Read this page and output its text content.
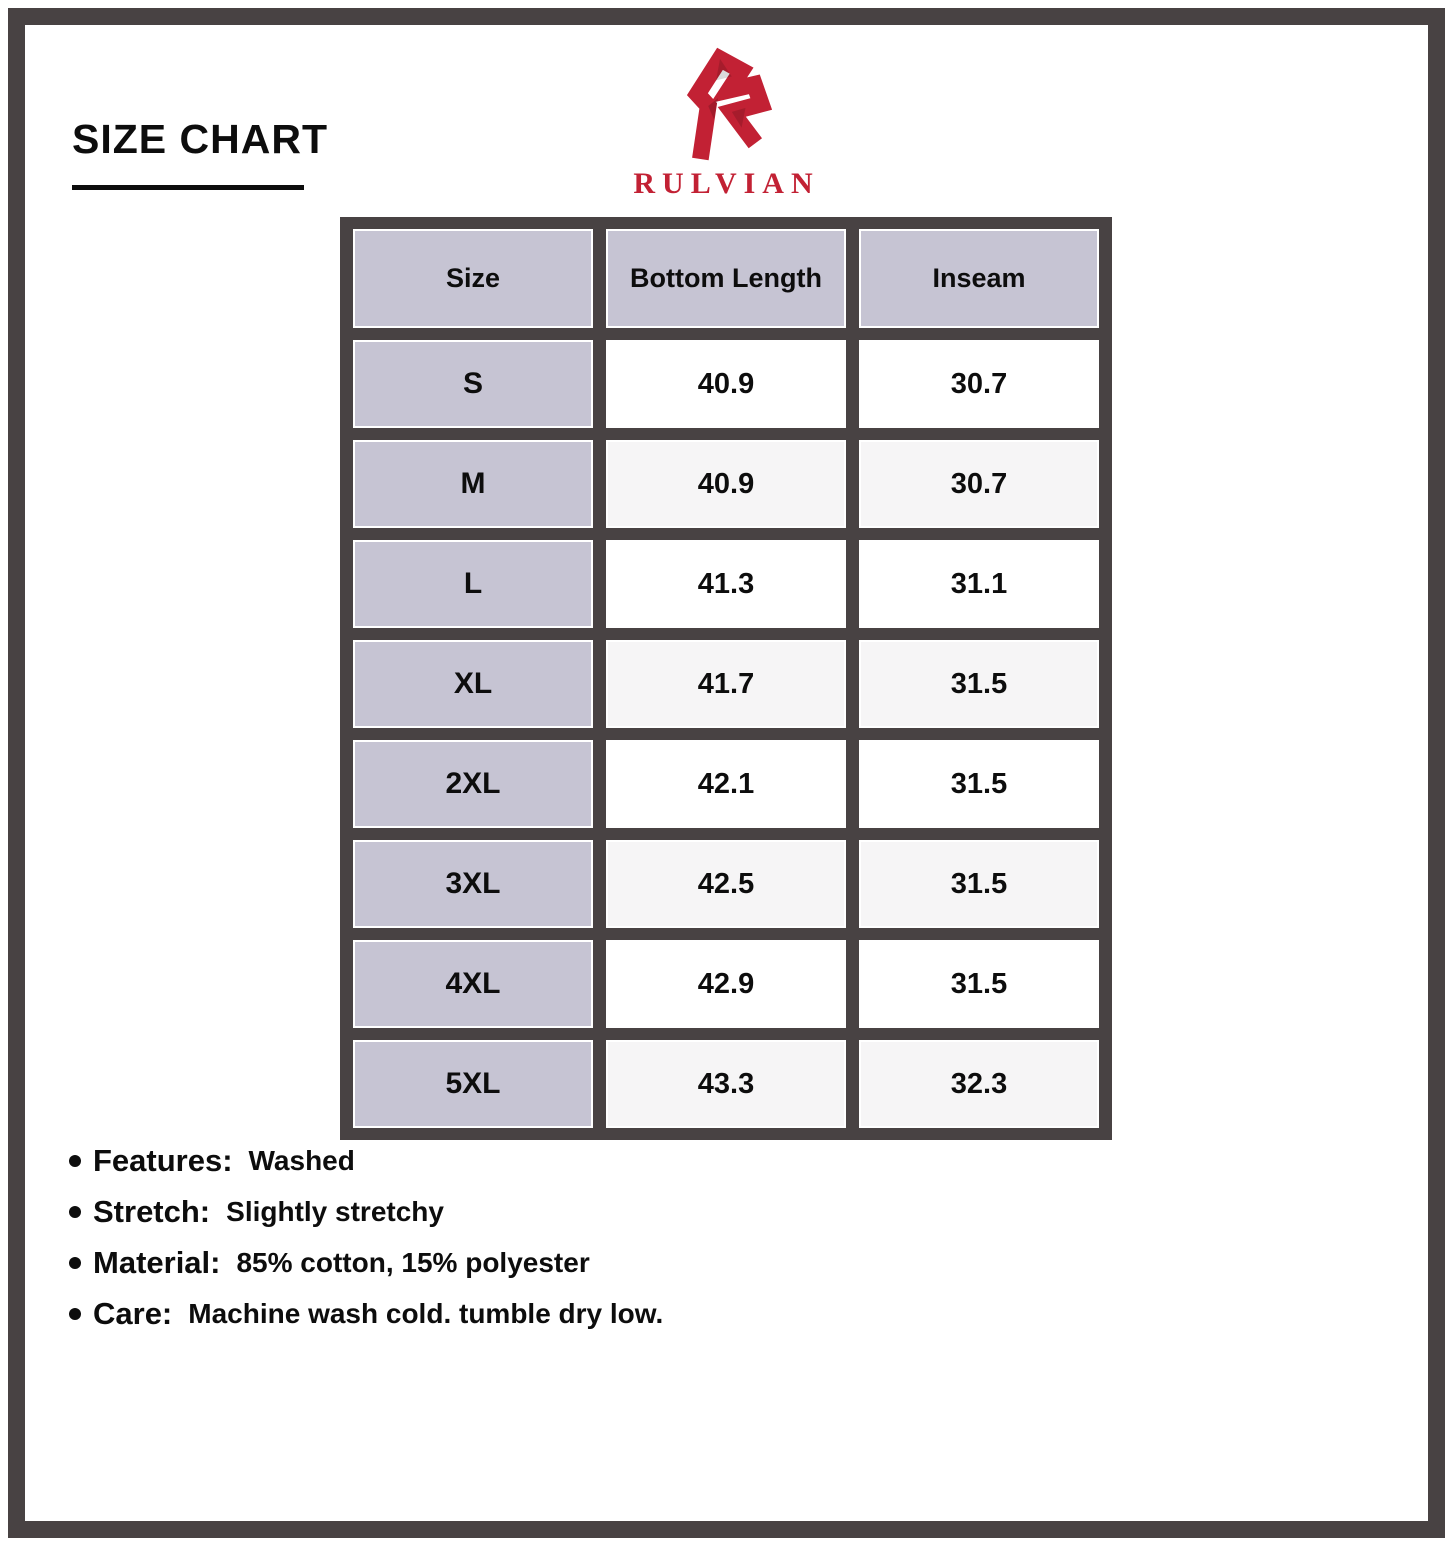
SIZE CHART
RULVIAN
Size	Bottom Length	Inseam
S	40.9	30.7
M	40.9	30.7
L	41.3	31.1
XL	41.7	31.5
2XL	42.1	31.5
3XL	42.5	31.5
4XL	42.9	31.5
5XL	43.3	32.3
Features: Washed
Stretch: Slightly stretchy
Material: 85% cotton, 15% polyester
Care: Machine wash cold. tumble dry low.
